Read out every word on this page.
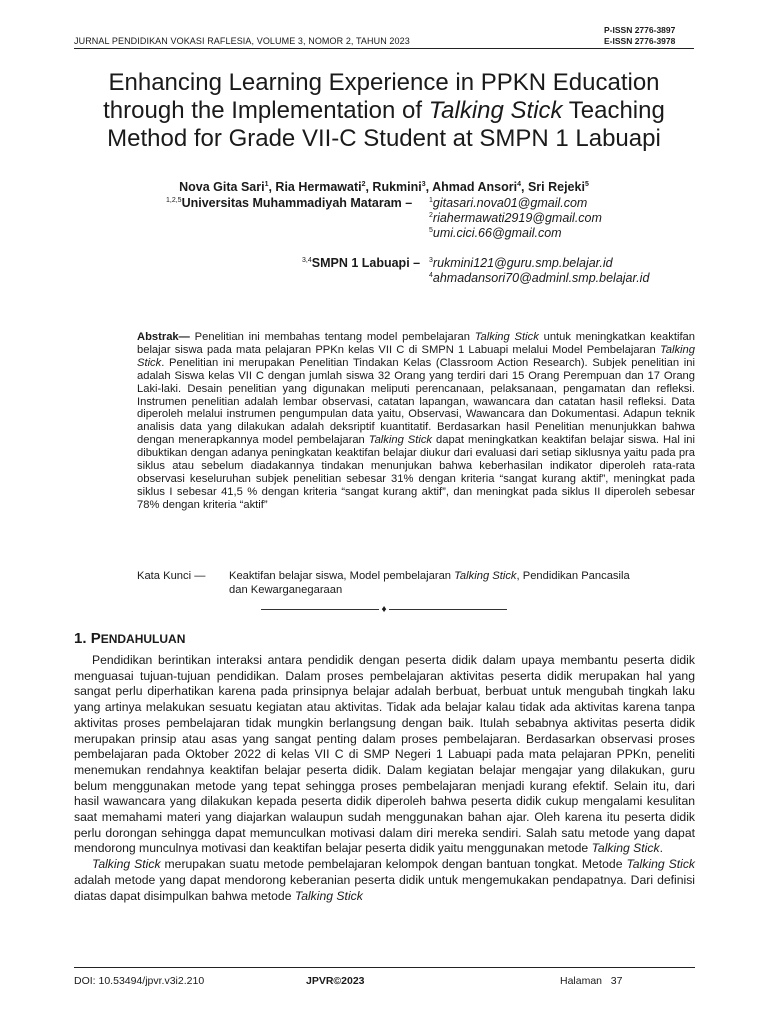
JURNAL PENDIDIKAN VOKASI RAFLESIA, VOLUME 3, NOMOR 2, TAHUN 2023
P-ISSN 2776-3897
E-ISSN 2776-3978
Enhancing Learning Experience in PPKN Education
through the Implementation of Talking Stick Teaching
Method for Grade VII-C Student at SMPN 1 Labuapi
Nova Gita Sari$^1$, Ria Hermawati$^2$, Rukmini$^3$, Ahmad Ansori$^4$, Sri Rejeki$^5$
$^{1,2,5}$Universitas Muhammadiyah Mataram – $^1$gitasari.nova01@gmail.com
$^2$riahermawati2919@gmail.com
$^5$umi.cici.66@gmail.com
$^{3,4}$SMPN 1 Labuapi – $^3$rukmini121@guru.smp.belajar.id
$^4$ahmadansori70@adminl.smp.belajar.id
Abstrak— Penelitian ini membahas tentang model pembelajaran Talking Stick untuk meningkatkan keaktifan belajar siswa pada mata pelajaran PPKn kelas VII C di SMPN 1 Labuapi melalui Model Pembelajaran Talking Stick. Penelitian ini merupakan Penelitian Tindakan Kelas (Classroom Action Research). Subjek penelitian ini adalah Siswa kelas VII C dengan jumlah siswa 32 Orang yang terdiri dari 15 Orang Perempuan dan 17 Orang Laki-laki. Desain penelitian yang digunakan meliputi perencanaan, pelaksanaan, pengamatan dan refleksi. Instrumen penelitian adalah lembar observasi, catatan lapangan, wawancara dan catatan hasil refleksi. Data diperoleh melalui instrumen pengumpulan data yaitu, Observasi, Wawancara dan Dokumentasi. Adapun teknik analisis data yang dilakukan adalah deksriptif kuantitatif. Berdasarkan hasil Penelitian menunjukkan bahwa dengan menerapkannya model pembelajaran Talking Stick dapat meningkatkan keaktifan belajar siswa. Hal ini dibuktikan dengan adanya peningkatan keaktifan belajar diukur dari evaluasi dari setiap siklusnya yaitu pada pra siklus atau sebelum diadakannya tindakan menunjukan bahwa keberhasilan indikator diperoleh rata-rata observasi keseluruhan subjek penelitian sebesar 31% dengan kriteria “sangat kurang aktif”, meningkat pada siklus I sebesar 41,5 % dengan kriteria “sangat kurang aktif”, dan meningkat pada siklus II diperoleh sebesar 78% dengan kriteria “aktif”
Kata Kunci — Keaktifan belajar siswa, Model pembelajaran Talking Stick, Pendidikan Pancasila dan Kewarganegaraan
♦
1. PENDAHULUAN

Pendidikan berintikan interaksi antara pendidik dengan peserta didik dalam upaya membantu peserta didik menguasai tujuan-tujuan pendidikan. Dalam proses pembelajaran aktivitas peserta didik merupakan hal yang sangat perlu diperhatikan karena pada prinsipnya belajar adalah berbuat, berbuat untuk mengubah tingkah laku yang artinya melakukan sesuatu kegiatan atau aktivitas. Tidak ada belajar kalau tidak ada aktivitas karena tanpa aktivitas proses pembelajaran tidak mungkin berlangsung dengan baik. Itulah sebabnya aktivitas peserta didik merupakan prinsip atau asas yang sangat penting dalam proses pembelajaran. Berdasarkan observasi proses pembelajaran pada Oktober 2022 di kelas VII C di SMP Negeri 1 Labuapi pada mata pelajaran PPKn, peneliti menemukan rendahnya keaktifan belajar peserta didik. Dalam kegiatan belajar mengajar yang dilakukan, guru belum menggunakan metode yang tepat sehingga proses pembelajaran menjadi kurang efektif. Selain itu, dari hasil wawancara yang dilakukan kepada peserta didik diperoleh bahwa peserta didik cukup mengalami kesulitan saat memahami materi yang diajarkan walaupun sudah menggunakan bahan ajar. Oleh karena itu peserta didik perlu dorongan sehingga dapat memunculkan motivasi dalam diri mereka sendiri. Salah satu metode yang dapat mendorong munculnya motivasi dan keaktifan belajar peserta didik yaitu menggunakan metode Talking Stick.

Talking Stick merupakan suatu metode pembelajaran kelompok dengan bantuan tongkat. Metode Talking Stick adalah metode yang dapat mendorong keberanian peserta didik untuk mengemukakan pendapatnya. Dari definisi diatas dapat disimpulkan bahwa metode Talking Stick

DOI: 10.53494/jpvr.v3i2.210	JPVR©2023	Halaman 37
